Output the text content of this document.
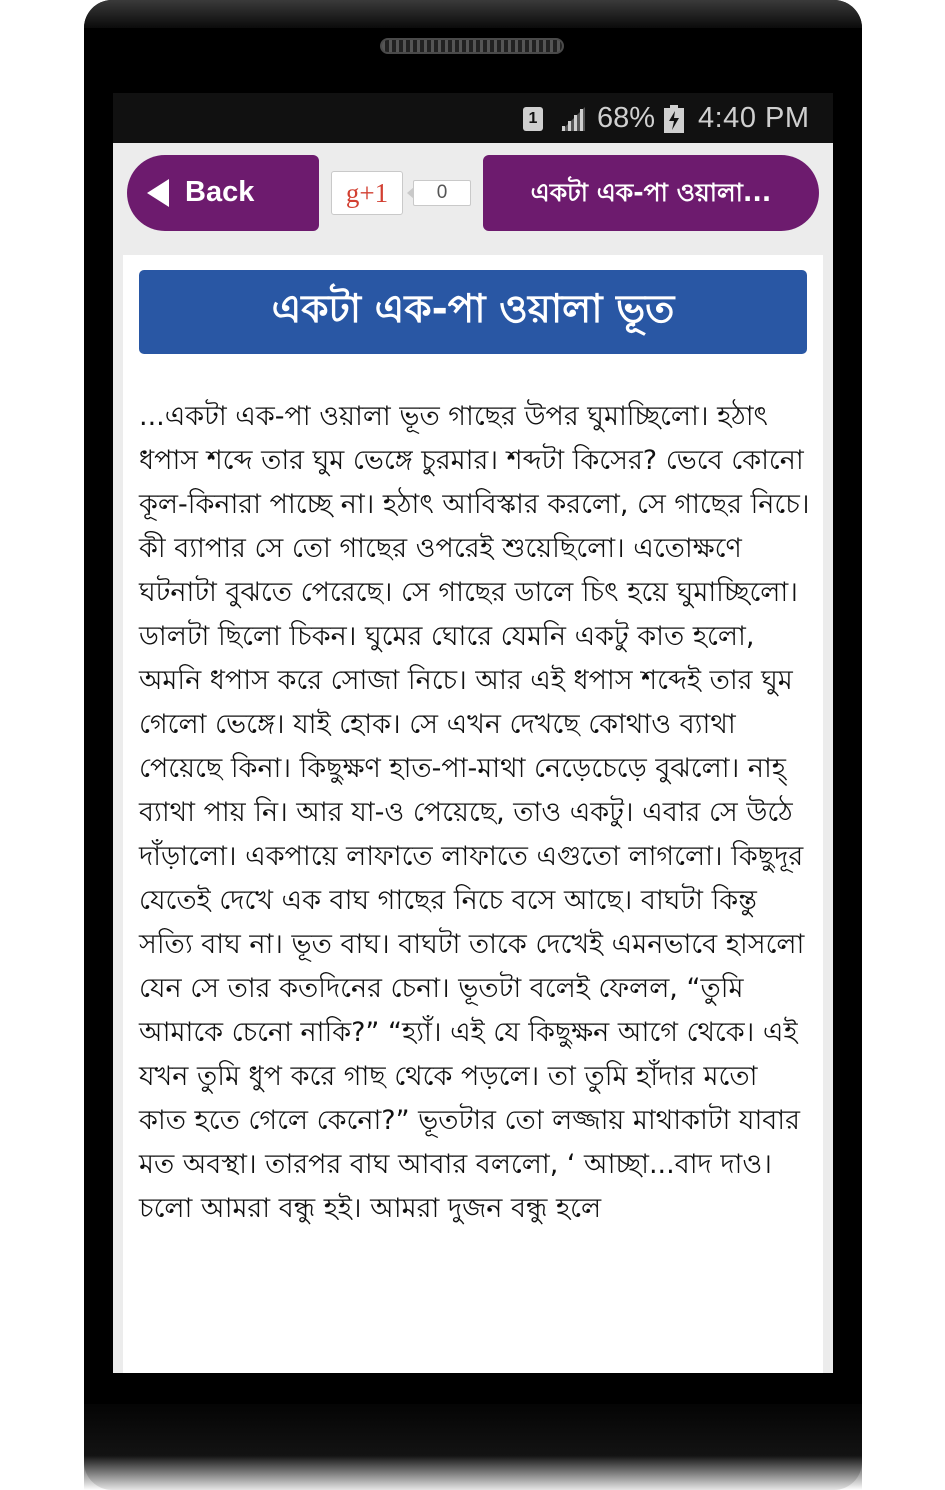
1 68% 4:40 PM
Back	g+1	0	একটা এক-পা ওয়ালা...
একটা এক-পা ওয়ালা ভূত

...একটা এক-পা ওয়ালা ভূত গাছের উপর ঘুমাচ্ছিলো। হঠাৎ ধপাস শব্দে তার ঘুম ভেঙ্গে চুরমার। শব্দটা কিসের? ভেবে কোনো কূল-কিনারা পাচ্ছে না। হঠাৎ আবিস্কার করলো, সে গাছের নিচে। কী ব্যাপার সে তো গাছের ওপরেই শুয়েছিলো। এতোক্ষণে ঘটনাটা বুঝতে পেরেছে। সে গাছের ডালে চিৎ হয়ে ঘুমাচ্ছিলো। ডালটা ছিলো চিকন। ঘুমের ঘোরে যেমনি একটু কাত হলো, অমনি ধপাস করে সোজা নিচে। আর এই ধপাস শব্দেই তার ঘুম গেলো ভেঙ্গে। যাই হোক। সে এখন দেখছে কোথাও ব্যাথা পেয়েছে কিনা। কিছুক্ষণ হাত-পা-মাথা নেড়েচেড়ে বুঝলো। নাহ্ ব্যাথা পায় নি। আর যা-ও পেয়েছে, তাও একটু। এবার সে উঠে দাঁড়ালো। একপায়ে লাফাতে লাফাতে এগুতো লাগলো। কিছুদূর যেতেই দেখে এক বাঘ গাছের নিচে বসে আছে। বাঘটা কিন্তু সত্যি বাঘ না। ভূত বাঘ। বাঘটা তাকে দেখেই এমনভাবে হাসলো যেন সে তার কতদিনের চেনা। ভূতটা বলেই ফেলল, “তুমি আমাকে চেনো নাকি?” “হ্যাঁ। এই যে কিছুক্ষন আগে থেকে। এই যখন তুমি ধুপ করে গাছ থেকে পড়লে। তা তুমি হাঁদার মতো কাত হতে গেলে কেনো?” ভূতটার তো লজ্জায় মাথাকাটা যাবার মত অবস্থা। তারপর বাঘ আবার বললো, ‘ আচ্ছা...বাদ দাও। চলো আমরা বন্ধু হই। আমরা দুজন বন্ধু হলে
